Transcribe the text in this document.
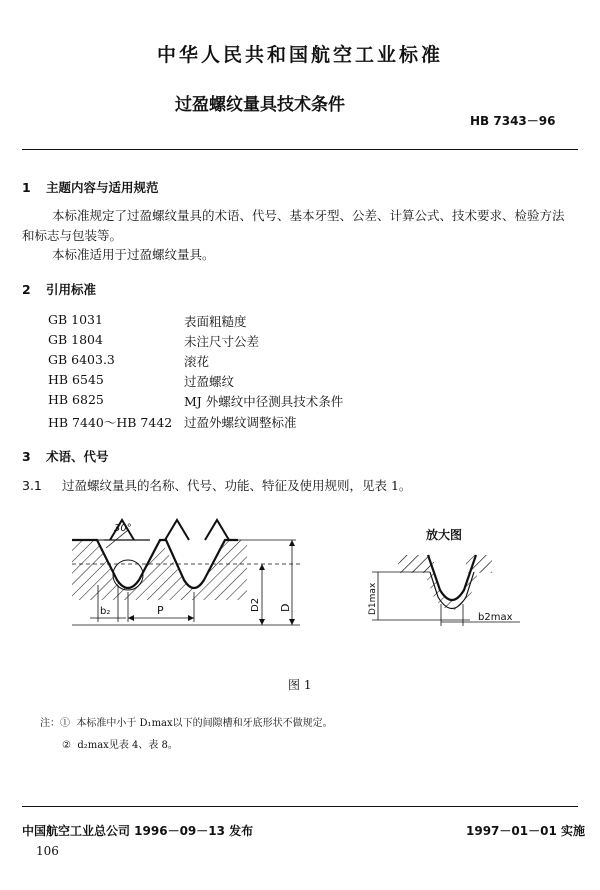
中华人民共和国航空工业标准
过盈螺纹量具技术条件
HB 7343－96
1 主题内容与适用规范
本标准规定了过盈螺纹量具的术语、代号、基本牙型、公差、计算公式、技术要求、检验方法
和标志与包装等。
本标准适用于过盈螺纹量具。
2 引用标准
GB 1031	表面粗糙度
GB 1804	未注尺寸公差
GB 6403.3	滚花
HB 6545	过盈螺纹
HB 6825	MJ 外螺纹中径测具技术条件
HB 7440～HB 7442 过盈外螺纹调整标准
3 术语、代号
3.1 过盈螺纹量具的名称、代号、功能、特征及使用规则，见表 1。
30°
b₂	P	D2 D
放大图
D1max
b2max
图 1
注：① 本标准中小于 D₁max以下的间隙槽和牙底形状不做规定。
② d₂max见表 4、表 8。
中国航空工业总公司 1996－09－13 发布	1997－01－01 实施
106
